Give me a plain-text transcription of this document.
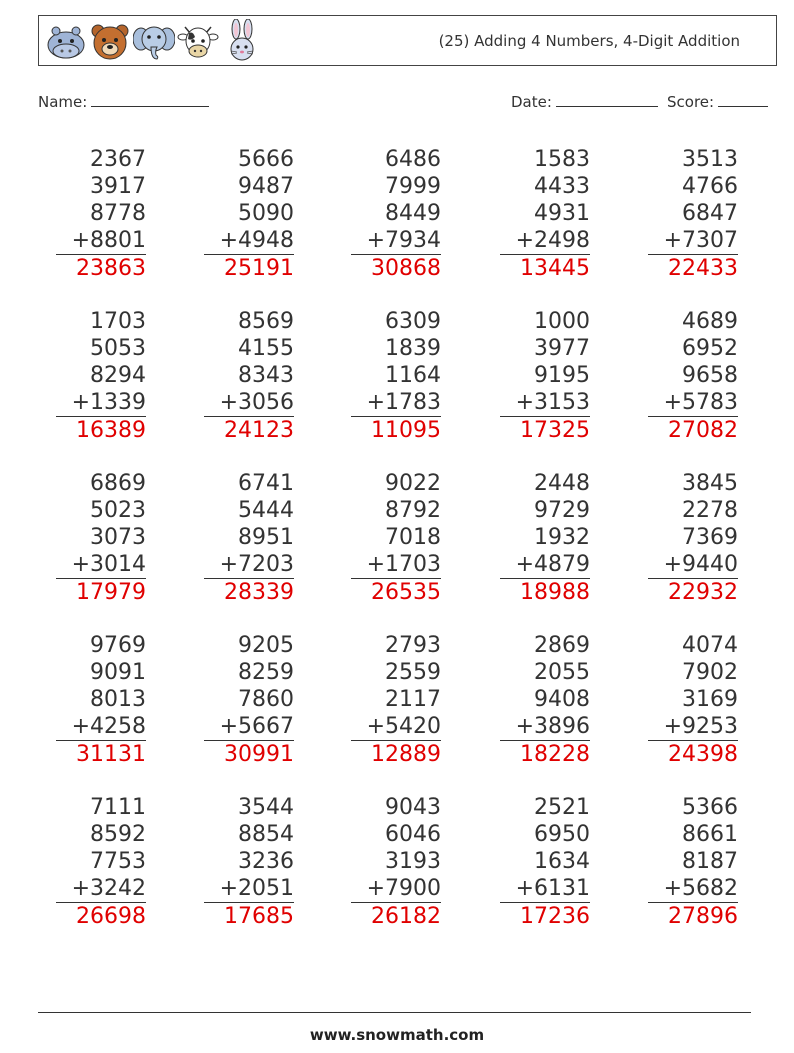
(25) Adding 4 Numbers, 4-Digit Addition
Name:	Date:	Score:
2367
3917
8778
+8801
23863
5666
9487
5090
+4948
25191
6486
7999
8449
+7934
30868
1583
4433
4931
+2498
13445
3513
4766
6847
+7307
22433
1703
5053
8294
+1339
16389
8569
4155
8343
+3056
24123
6309
1839
1164
+1783
11095
1000
3977
9195
+3153
17325
4689
6952
9658
+5783
27082
6869
5023
3073
+3014
17979
6741
5444
8951
+7203
28339
9022
8792
7018
+1703
26535
2448
9729
1932
+4879
18988
3845
2278
7369
+9440
22932
9769
9091
8013
+4258
31131
9205
8259
7860
+5667
30991
2793
2559
2117
+5420
12889
2869
2055
9408
+3896
18228
4074
7902
3169
+9253
24398
7111
8592
7753
+3242
26698
3544
8854
3236
+2051
17685
9043
6046
3193
+7900
26182
2521
6950
1634
+6131
17236
5366
8661
8187
+5682
27896
www.snowmath.com
